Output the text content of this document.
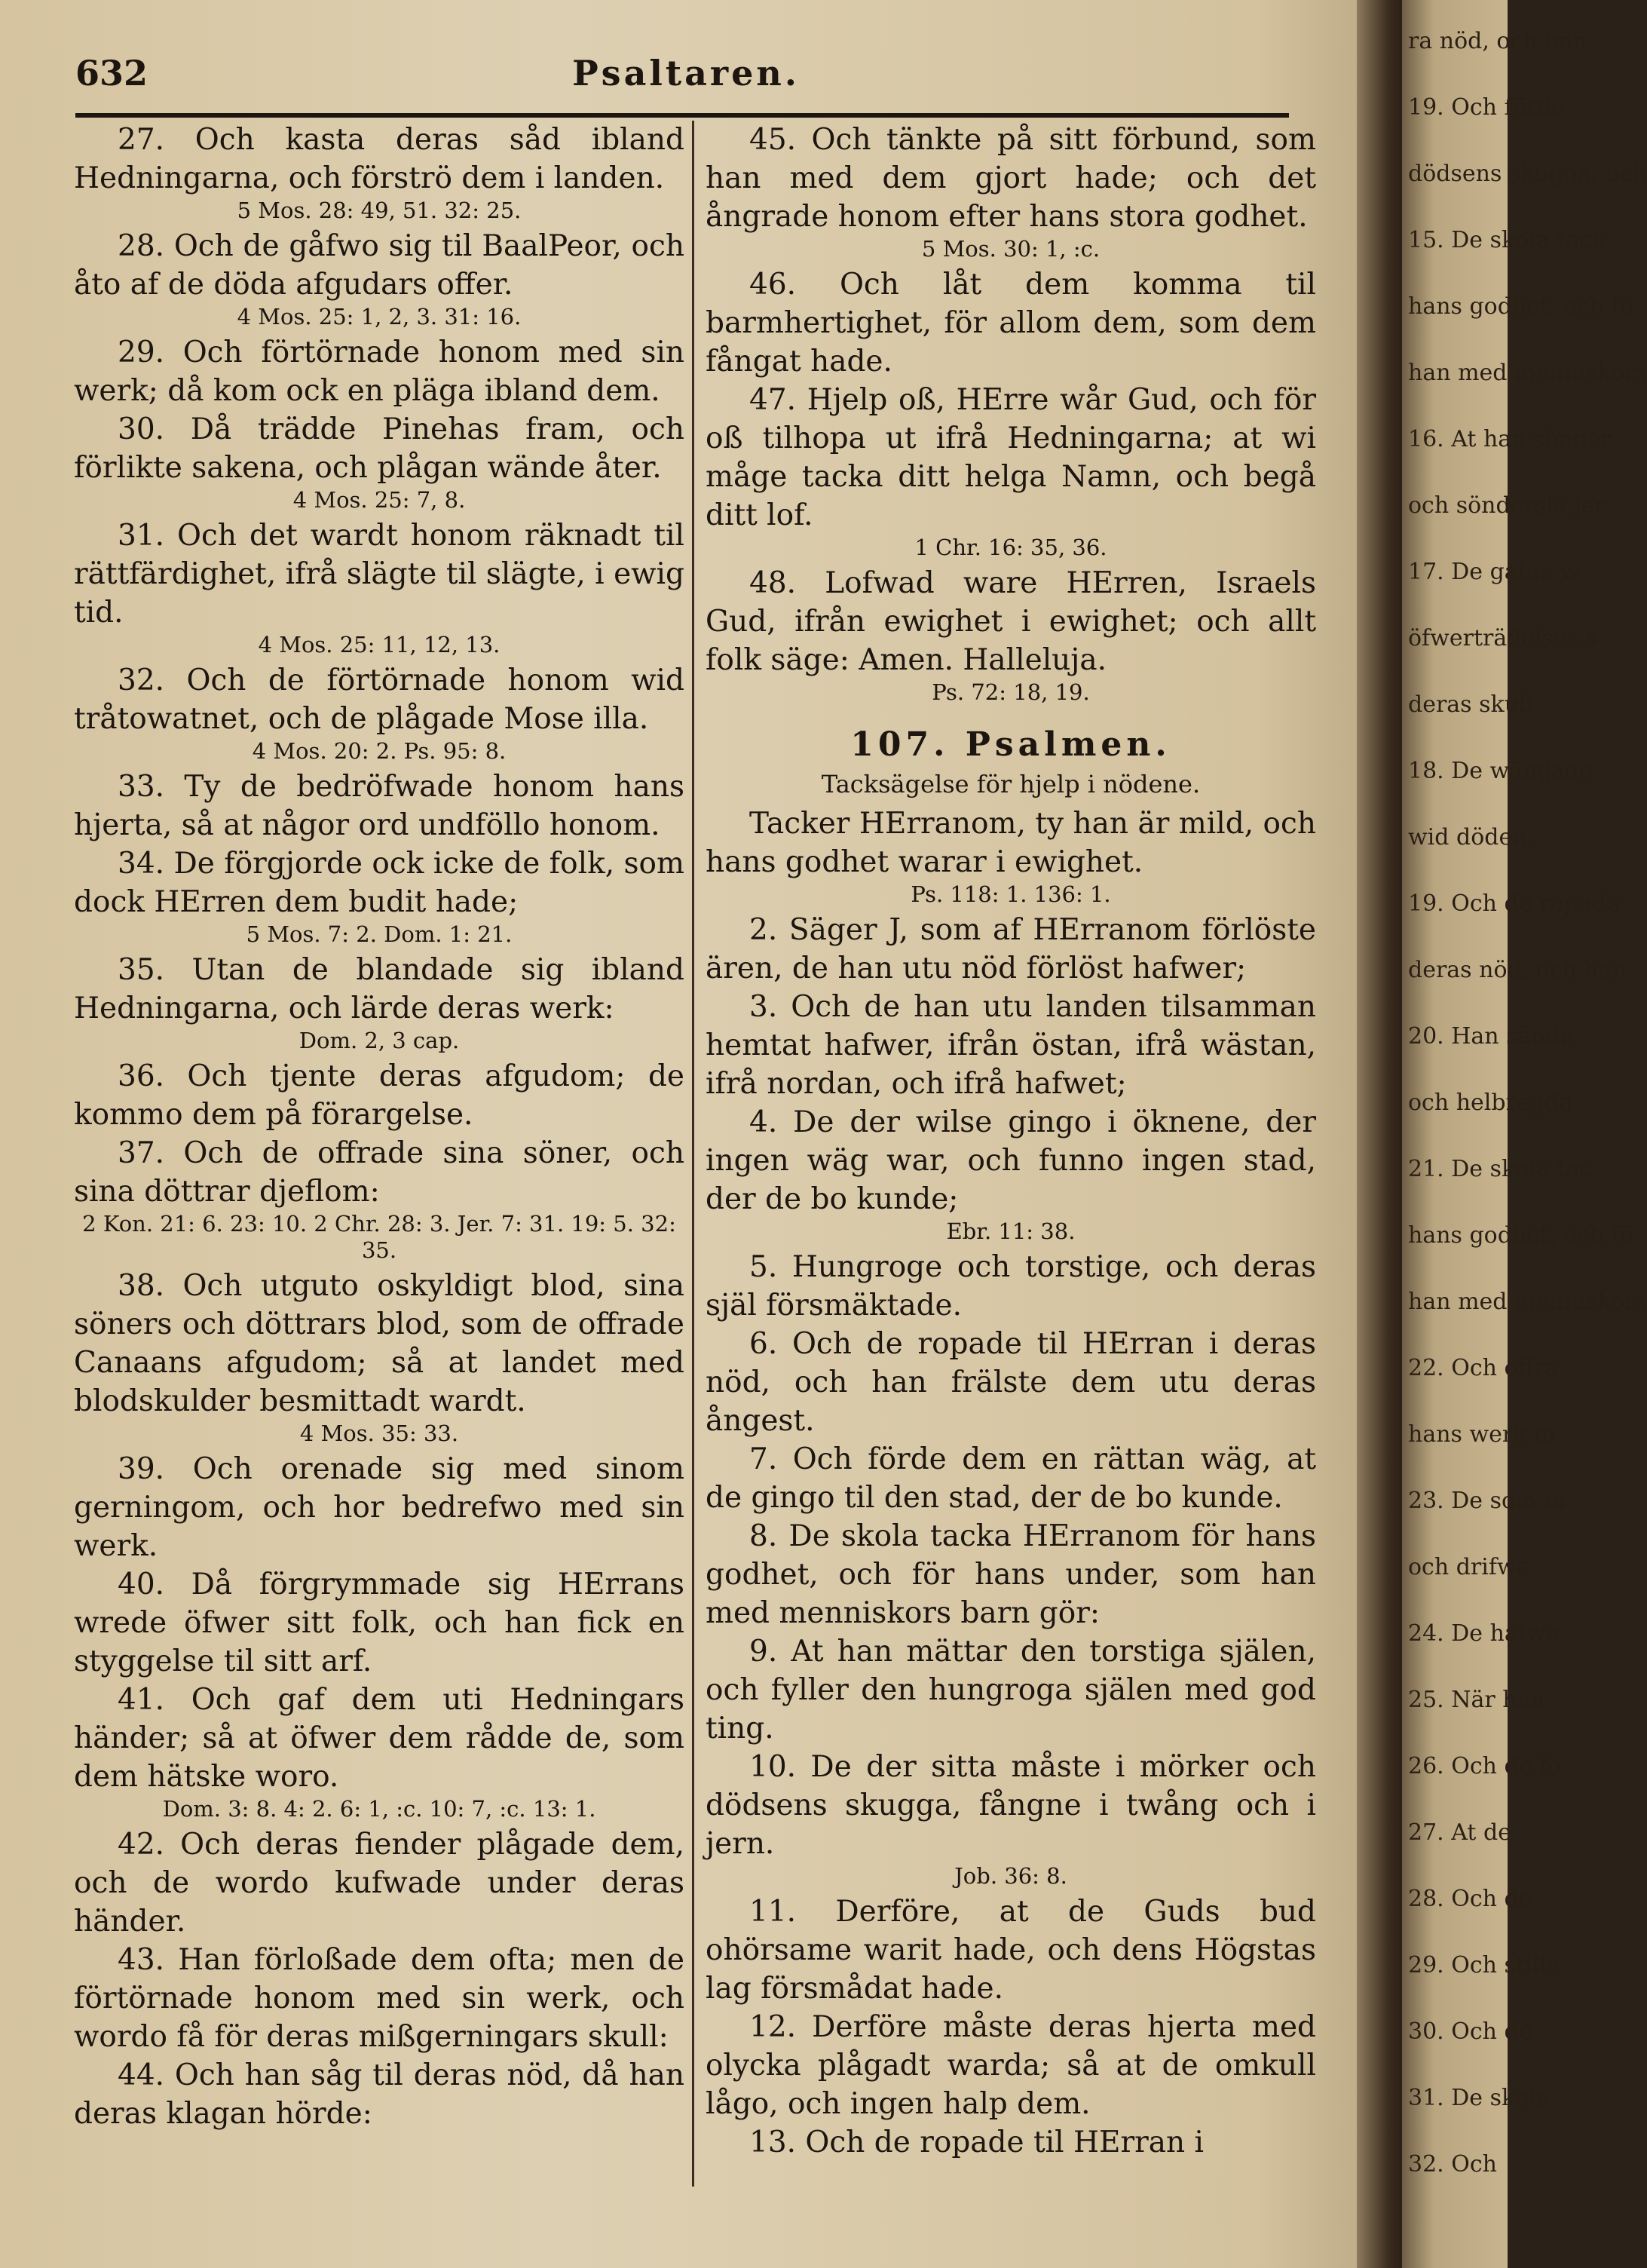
632	Psaltaren.

27. Och kasta deras såd ibland Hedningarna, och förströ dem i landen.

5 Mos. 28: 49, 51. 32: 25.

28. Och de gåfwo sig til BaalPeor, och åto af de döda afgudars offer.

4 Mos. 25: 1, 2, 3. 31: 16.

29. Och förtörnade honom med sin werk; då kom ock en pläga ibland dem.

30. Då trädde Pinehas fram, och förlikte sakena, och plågan wände åter.

4 Mos. 25: 7, 8.

31. Och det wardt honom räknadt til rättfärdighet, ifrå slägte til slägte, i ewig tid.

4 Mos. 25: 11, 12, 13.

32. Och de förtörnade honom wid tråtowatnet, och de plågade Mose illa.

4 Mos. 20: 2. Ps. 95: 8.

33. Ty de bedröfwade honom hans hjerta, så at någor ord undföllo honom.

34. De förgjorde ock icke de folk, som dock HErren dem budit hade;

5 Mos. 7: 2. Dom. 1: 21.

35. Utan de blandade sig ibland Hedningarna, och lärde deras werk:

Dom. 2, 3 cap.

36. Och tjente deras afgudom; de kommo dem på förargelse.

37. Och de offrade sina söner, och sina döttrar djeflom:

2 Kon. 21: 6. 23: 10. 2 Chr. 28: 3. Jer. 7: 31. 19: 5. 32: 35.

38. Och utguto oskyldigt blod, sina söners och döttrars blod, som de offrade Canaans afgudom; så at landet med blodskulder besmittadt wardt.

4 Mos. 35: 33.

39. Och orenade sig med sinom gerningom, och hor bedrefwo med sin werk.

40. Då förgrymmade sig HErrans wrede öfwer sitt folk, och han fick en styggelse til sitt arf.

41. Och gaf dem uti Hedningars händer; så at öfwer dem rådde de, som dem hätske woro.

Dom. 3: 8. 4: 2. 6: 1, :c. 10: 7, :c. 13: 1.

42. Och deras fiender plågade dem, och de wordo kufwade under deras händer.

43. Han förloßade dem ofta; men de förtörnade honom med sin werk, och wordo få för deras mißgerningars skull:

44. Och han såg til deras nöd, då han deras klagan hörde:

45. Och tänkte på sitt förbund, som han med dem gjort hade; och det ångrade honom efter hans stora godhet.

5 Mos. 30: 1, :c.

46. Och låt dem komma til barmhertighet, för allom dem, som dem fångat hade.

47. Hjelp oß, HErre wår Gud, och för oß tilhopa ut ifrå Hedningarna; at wi måge tacka ditt helga Namn, och begå ditt lof.

1 Chr. 16: 35, 36.

48. Lofwad ware HErren, Israels Gud, ifrån ewighet i ewighet; och allt folk säge: Amen. Halleluja.

Ps. 72: 18, 19.

107. Psalmen.
Tacksägelse för hjelp i nödene.

Tacker HErranom, ty han är mild, och hans godhet warar i ewighet.

Ps. 118: 1. 136: 1.

2. Säger J, som af HErranom förlöste ären, de han utu nöd förlöst hafwer;

3. Och de han utu landen tilsamman hemtat hafwer, ifrån östan, ifrå wästan, ifrå nordan, och ifrå hafwet;

4. De der wilse gingo i öknene, der ingen wäg war, och funno ingen stad, der de bo kunde;

Ebr. 11: 38.

5. Hungroge och torstige, och deras själ försmäktade.

6. Och de ropade til HErran i deras nöd, och han frälste dem utu deras ångest.

7. Och förde dem en rättan wäg, at de gingo til den stad, der de bo kunde.

8. De skola tacka HErranom för hans godhet, och för hans under, som han med menniskors barn gör:

9. At han mättar den torstiga själen, och fyller den hungroga själen med god ting.

10. De der sitta måste i mörker och dödsens skugga, fångne i twång och i jern.

Job. 36: 8.

11. Derföre, at de Guds bud ohörsame warit hade, och dens Högstas lag försmådat hade.

12. Derföre måste deras hjerta med olycka plågadt warda; så at de omkull lågo, och ingen halp dem.

13. Och de ropade til HErran i

ra nöd, och han
19. Och förde
dödsens skugga, och
15. De skola tack
hans godhet, och fö
han med menniskors
16. At han sönder
och söndersla jer
17. De galne w
öfwerträdelses s
deras skull.
18. De wämjade
wid döden.
19. Och de ropade
deras nöd, och han
20. Han sände
och helbregda
21. De skola tac
hans godhet, och fö
han med menniskors
22. Och offra
hans werk m
23. De som m
och drifwa
24. De hafwa
25. När han
26. Och de fo
27. At de
28. Och de
29. Och stille
30. Och de
31. De skola
32. Och
